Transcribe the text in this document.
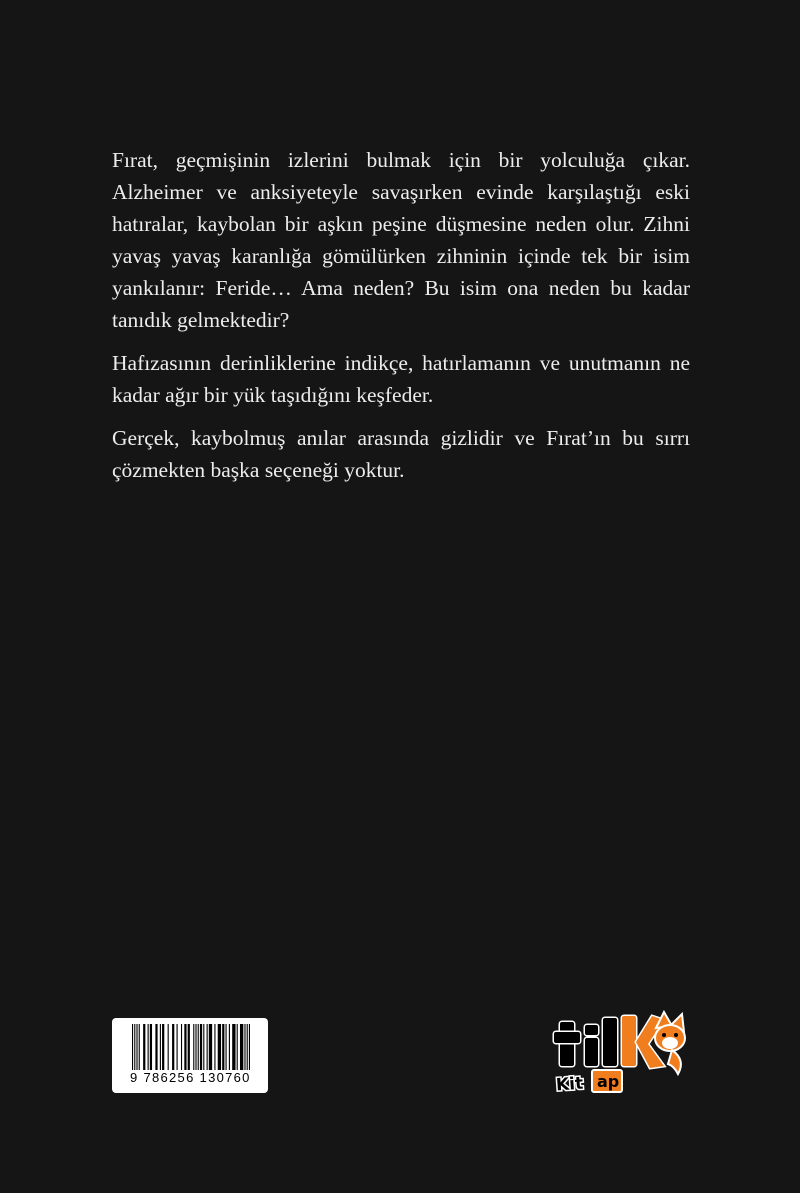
Fırat, geçmişinin izlerini bulmak için bir yolculuğa çıkar. Alzheimer ve anksiyeteyle savaşırken evinde karşılaştığı eski hatıralar, kaybolan bir aşkın peşine düşmesine neden olur. Zihni yavaş yavaş karanlığa gömülürken zihninin içinde tek bir isim yankılanır: Feride… Ama neden? Bu isim ona neden bu kadar tanıdık gelmektedir?

Hafızasının derinliklerine indikçe, hatırlamanın ve unutmanın ne kadar ağır bir yük taşıdığını keşfeder.

Gerçek, kaybolmuş anılar arasında gizlidir ve Fırat’ın bu sırrı çözmekten başka seçeneği yoktur.

9 786256 130760	Kit ap
